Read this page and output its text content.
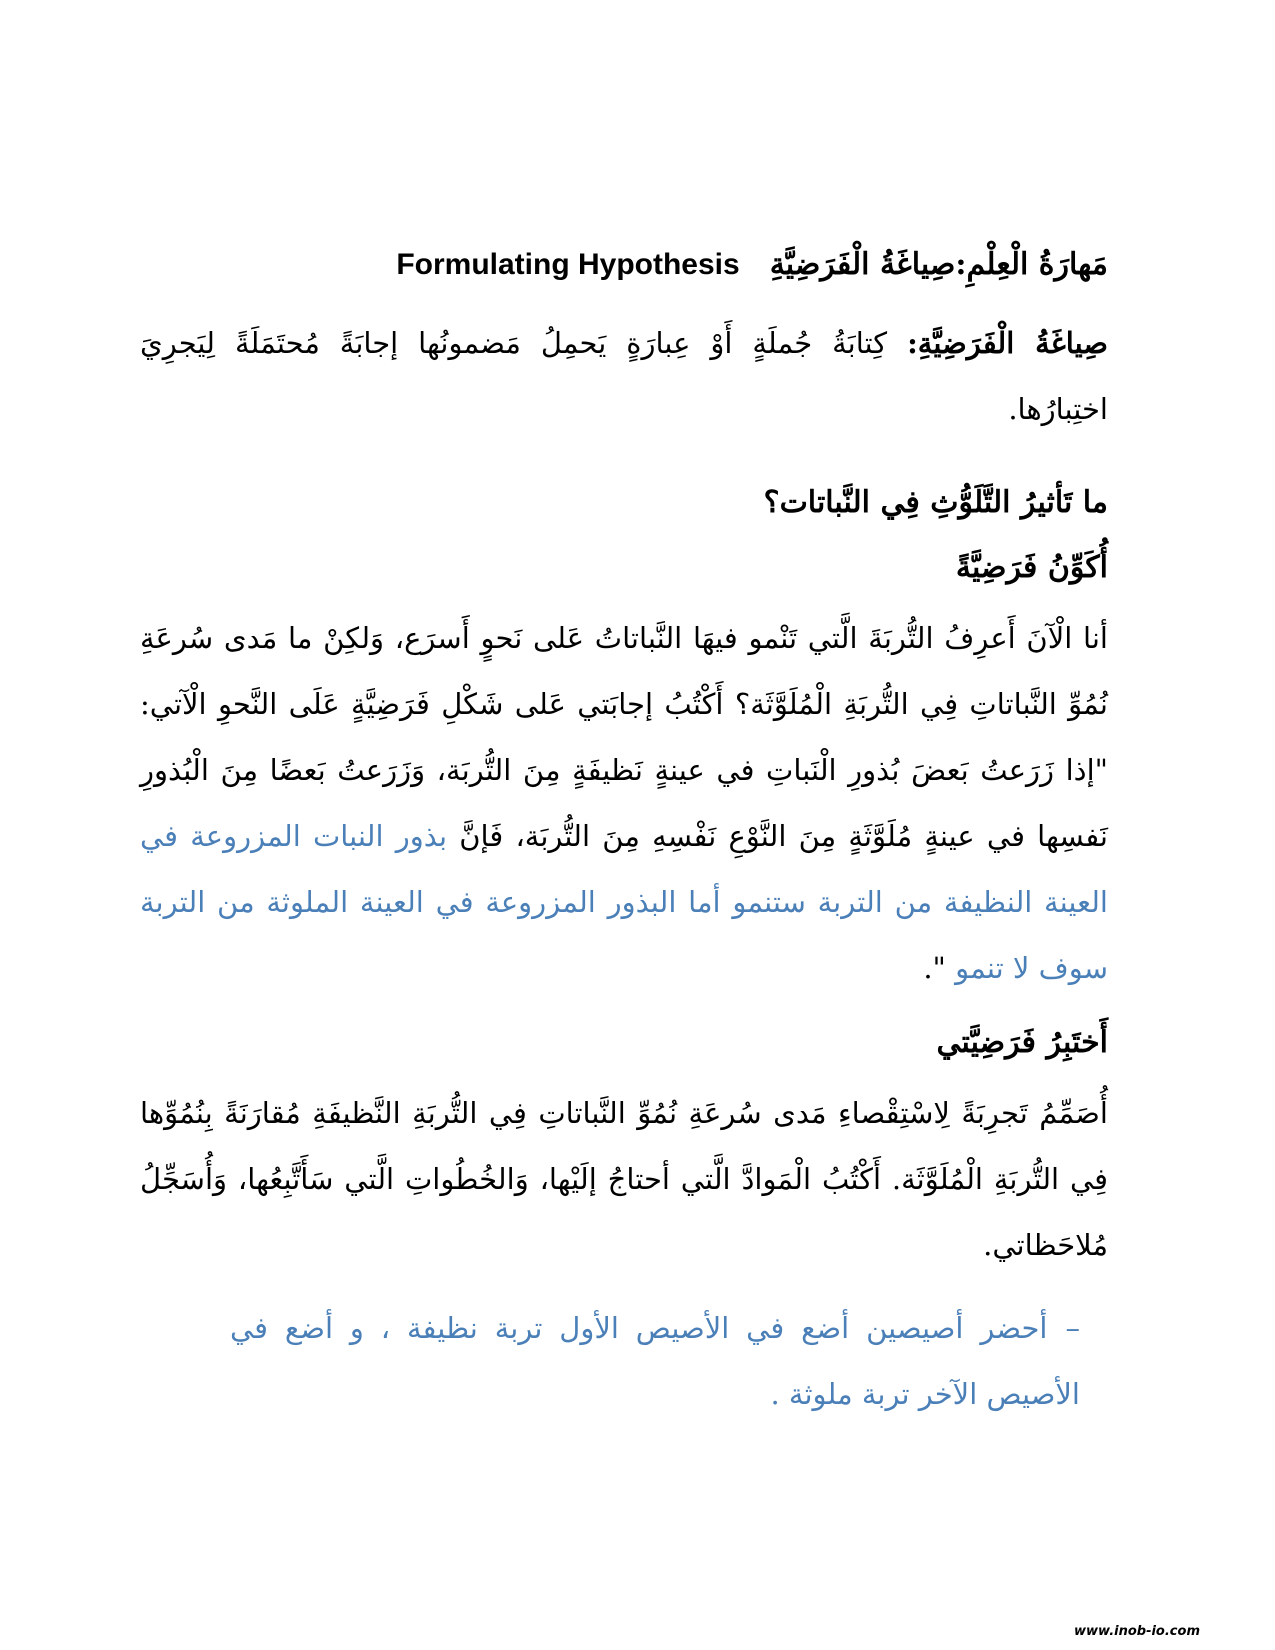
مَهارَةُ الْعِلْمِ:صِياغَةُ الْفَرَضِيَّةِFormulating Hypothesis
صِياغَةُ الْفَرَضِيَّةِ: كِتابَةُ جُملَةٍ أَوْ عِبارَةٍ يَحمِلُ مَضمونُها إجابَةً مُحتَمَلَةً لِيَجرِيَ اختِبارُها.
ما تَأثيرُ التَّلَوُّثِ فِي النَّباتات؟
أُكَوِّنُ فَرَضِيَّةً
أنا الْآنَ أَعرِفُ التُّربَةَ الَّتي تَنْمو فيهَا النَّباتاتُ عَلى نَحوٍ أَسرَع، وَلكِنْ ما مَدى سُرعَةِ نُمُوِّ النَّباتاتِ فِي التُّربَةِ الْمُلَوَّثَة؟ أَكْتُبُ إجابَتي عَلى شَكْلِ فَرَضِيَّةٍ عَلَى النَّحوِ الْآتي: "إذا زَرَعتُ بَعضَ بُذورِ الْنَباتِ في عينةٍ نَظيفَةٍ مِنَ التُّربَة، وَزَرَعتُ بَعضًا مِنَ الْبُذورِ نَفسِها في عينةٍ مُلَوَّثَةٍ مِنَ النَّوْعِ نَفْسِهِ مِنَ التُّربَة، فَإنَّ بذور النبات المزروعة في العينة النظيفة من التربة ستنمو أما البذور المزروعة في العينة الملوثة من التربة سوف لا تنمو ".
أَختَبِرُ فَرَضِيَّتي
أُصَمِّمُ تَجرِبَةً لِاسْتِقْصاءِ مَدى سُرعَةِ نُمُوِّ النَّباتاتِ فِي التُّربَةِ النَّظيفَةِ مُقارَنَةً بِنُمُوِّها فِي التُّربَةِ الْمُلَوَّثَة. أَكْتُبُ الْمَوادَّ الَّتي أحتاجُ إلَيْها، وَالخُطُواتِ الَّتي سَأَتَّبِعُها، وَأُسَجِّلُ مُلاحَظاتي.
–أحضر أصيصين أضع في الأصيص الأول تربة نظيفة ، و أضع في الأصيص الآخر تربة ملوثة .
www.inob-io.com
